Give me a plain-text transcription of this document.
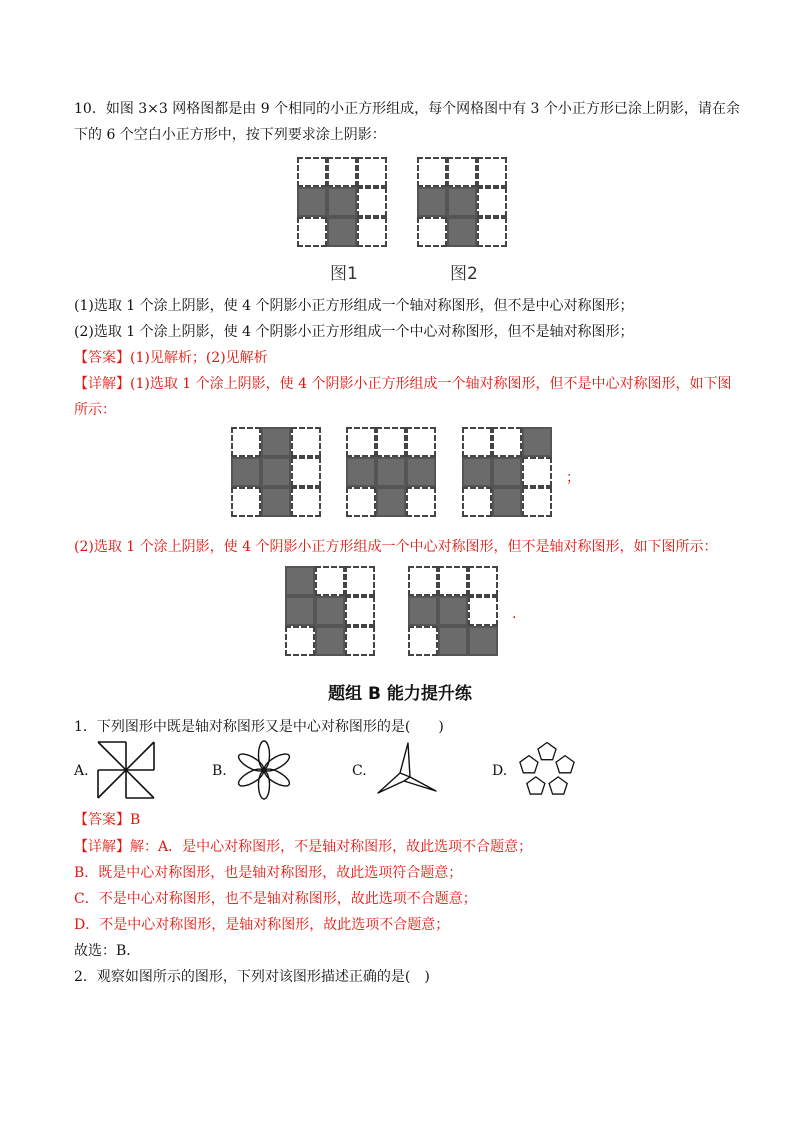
10．如图 3×3 网格图都是由 9 个相同的小正方形组成，每个网格图中有 3 个小正方形已涂上阴影，请在余
下的 6 个空白小正方形中，按下列要求涂上阴影：
图1	图2
(1)选取 1 个涂上阴影，使 4 个阴影小正方形组成一个轴对称图形，但不是中心对称图形；
(2)选取 1 个涂上阴影，使 4 个阴影小正方形组成一个中心对称图形，但不是轴对称图形；
【答案】(1)见解析；(2)见解析
【详解】(1)选取 1 个涂上阴影，使 4 个阴影小正方形组成一个轴对称图形，但不是中心对称图形，如下图
所示：
；
(2)选取 1 个涂上阴影，使 4 个阴影小正方形组成一个中心对称图形，但不是轴对称图形，如下图所示：
.
题组 B 能力提升练
1．下列图形中既是轴对称图形又是中心对称图形的是(　　)
A.	B.	C.	D.
【答案】B
【详解】解：A．是中心对称图形，不是轴对称图形，故此选项不合题意；
B．既是中心对称图形，也是轴对称图形，故此选项符合题意；
C．不是中心对称图形，也不是轴对称图形，故此选项不合题意；
D．不是中心对称图形，是轴对称图形，故此选项不合题意；
故选：B．
2．观察如图所示的图形，下列对该图形描述正确的是(　)
